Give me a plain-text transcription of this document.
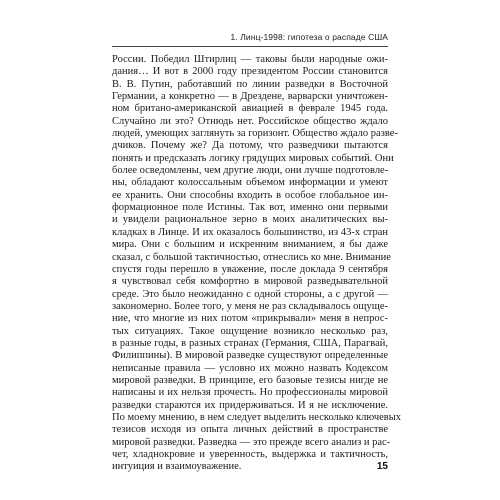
1. Линц-1998: гипотеза о распаде США
России. Победил Штирлиц — таковы были народные ожи-
дания… И вот в 2000 году президентом России становится
В. В. Путин, работавший по линии разведки в Восточной
Германии, а конкретно — в Дрездене, варварски уничтожен-
ном британо-американской авиацией в феврале 1945 года.
Случайно ли это? Отнюдь нет. Российское общество ждало
людей, умеющих заглянуть за горизонт. Общество ждало разве-
дчиков. Почему же? Да потому, что разведчики пытаются
понять и предсказать логику грядущих мировых событий. Они
более осведомлены, чем другие люди, они лучше подготовле-
ны, обладают колоссальным объемом информации и умеют
ее хранить. Они способны входить в особое глобальное ин-
формационное поле Истины. Так вот, именно они первыми
и увидели рациональное зерно в моих аналитических вы-
кладках в Линце. И их оказалось большинство, из 43-х стран
мира. Они с большим и искренним вниманием, я бы даже
сказал, с большой тактичностью, отнеслись ко мне. Внимание
спустя годы перешло в уважение, после доклада 9 сентября
я чувствовал себя комфортно в мировой разведывательной
среде. Это было неожиданно с одной стороны, а с другой —
закономерно. Более того, у меня не раз складывалось ощуще-
ние, что многие из них потом «прикрывали» меня в непрос-
тых ситуациях. Такое ощущение возникло несколько раз,
в разные годы, в разных странах (Германия, США, Парагвай,
Филиппины). В мировой разведке существуют определенные
неписаные правила — условно их можно назвать Кодексом
мировой разведки. В принципе, его базовые тезисы нигде не
написаны и их нельзя прочесть. Но профессионалы мировой
разведки стараются их придерживаться. И я не исключение.
По моему мнению, в нем следует выделить несколько ключевых
тезисов исходя из опыта личных действий в пространстве
мировой разведки. Разведка — это прежде всего анализ и рас-
чет, хладнокровие и уверенность, выдержка и тактичность,
интуиция и взаимоуважение.	15
